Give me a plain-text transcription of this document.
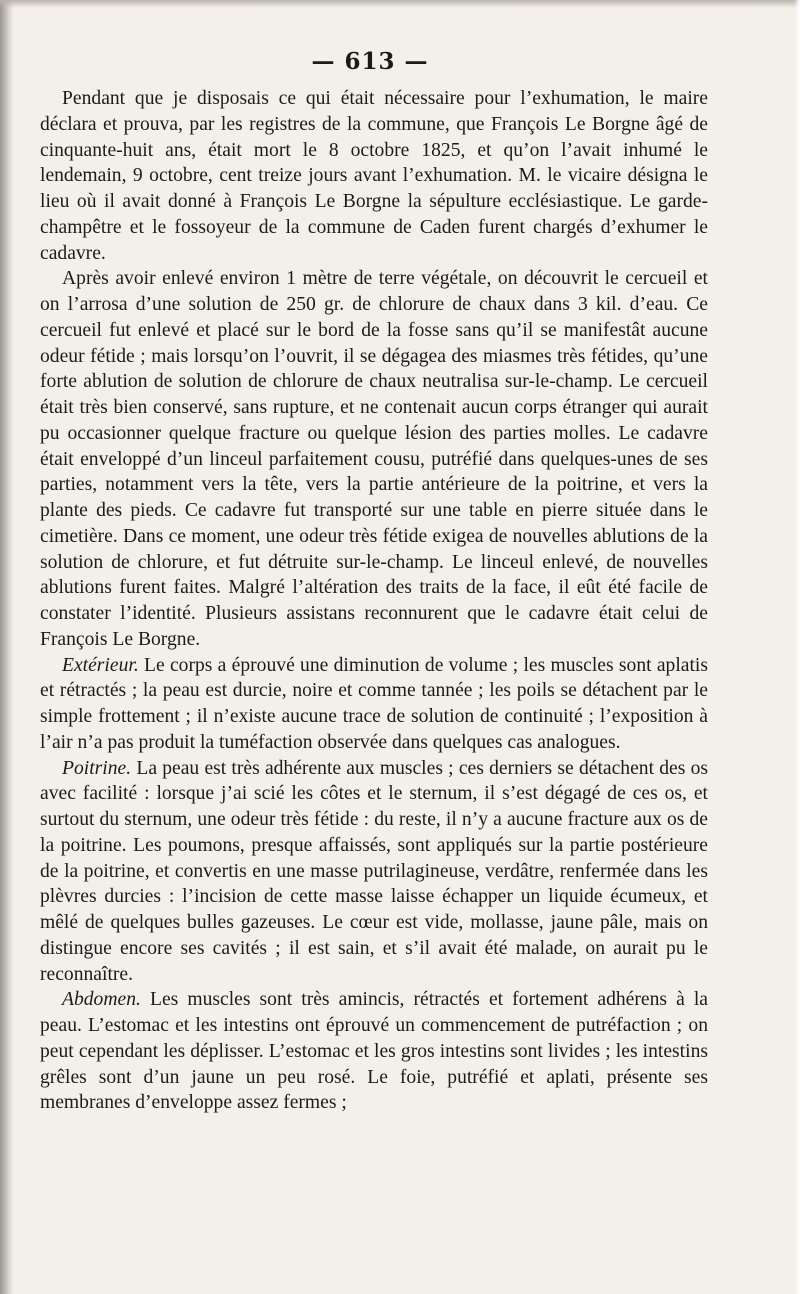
— 613 —

Pendant que je disposais ce qui était nécessaire pour l’exhumation, le maire déclara et prouva, par les registres de la commune, que François Le Borgne âgé de cinquante-huit ans, était mort le 8 octobre 1825, et qu’on l’avait inhumé le lendemain, 9 octobre, cent treize jours avant l’exhumation. M. le vicaire désigna le lieu où il avait donné à François Le Borgne la sépulture ecclésiastique. Le garde-champêtre et le fossoyeur de la commune de Caden furent chargés d’exhumer le cadavre.

Après avoir enlevé environ 1 mètre de terre végétale, on découvrit le cercueil et on l’arrosa d’une solution de 250 gr. de chlorure de chaux dans 3 kil. d’eau. Ce cercueil fut enlevé et placé sur le bord de la fosse sans qu’il se manifestât aucune odeur fétide ; mais lorsqu’on l’ouvrit, il se dégagea des miasmes très fétides, qu’une forte ablution de solution de chlorure de chaux neutralisa sur-le-champ. Le cercueil était très bien conservé, sans rupture, et ne contenait aucun corps étranger qui aurait pu occasionner quelque fracture ou quelque lésion des parties molles. Le cadavre était enveloppé d’un linceul parfaitement cousu, putréfié dans quelques-unes de ses parties, notamment vers la tête, vers la partie antérieure de la poitrine, et vers la plante des pieds. Ce cadavre fut transporté sur une table en pierre située dans le cimetière. Dans ce moment, une odeur très fétide exigea de nouvelles ablutions de la solution de chlorure, et fut détruite sur-le-champ. Le linceul enlevé, de nouvelles ablutions furent faites. Malgré l’altération des traits de la face, il eût été facile de constater l’identité. Plusieurs assistans reconnurent que le cadavre était celui de François Le Borgne.

Extérieur. Le corps a éprouvé une diminution de volume ; les muscles sont aplatis et rétractés ; la peau est durcie, noire et comme tannée ; les poils se détachent par le simple frottement ; il n’existe aucune trace de solution de continuité ; l’exposition à l’air n’a pas produit la tuméfaction observée dans quelques cas analogues.

Poitrine. La peau est très adhérente aux muscles ; ces derniers se détachent des os avec facilité : lorsque j’ai scié les côtes et le sternum, il s’est dégagé de ces os, et surtout du sternum, une odeur très fétide : du reste, il n’y a aucune fracture aux os de la poitrine. Les poumons, presque affaissés, sont appliqués sur la partie postérieure de la poitrine, et convertis en une masse putrilagineuse, verdâtre, renfermée dans les plèvres durcies : l’incision de cette masse laisse échapper un liquide écumeux, et mêlé de quelques bulles gazeuses. Le cœur est vide, mollasse, jaune pâle, mais on distingue encore ses cavités ; il est sain, et s’il avait été malade, on aurait pu le reconnaître.

Abdomen. Les muscles sont très amincis, rétractés et fortement adhérens à la peau. L’estomac et les intestins ont éprouvé un commencement de putréfaction ; on peut cependant les déplisser. L’estomac et les gros intestins sont livides ; les intestins grêles sont d’un jaune un peu rosé. Le foie, putréfié et aplati, présente ses membranes d’enveloppe assez fermes ;
